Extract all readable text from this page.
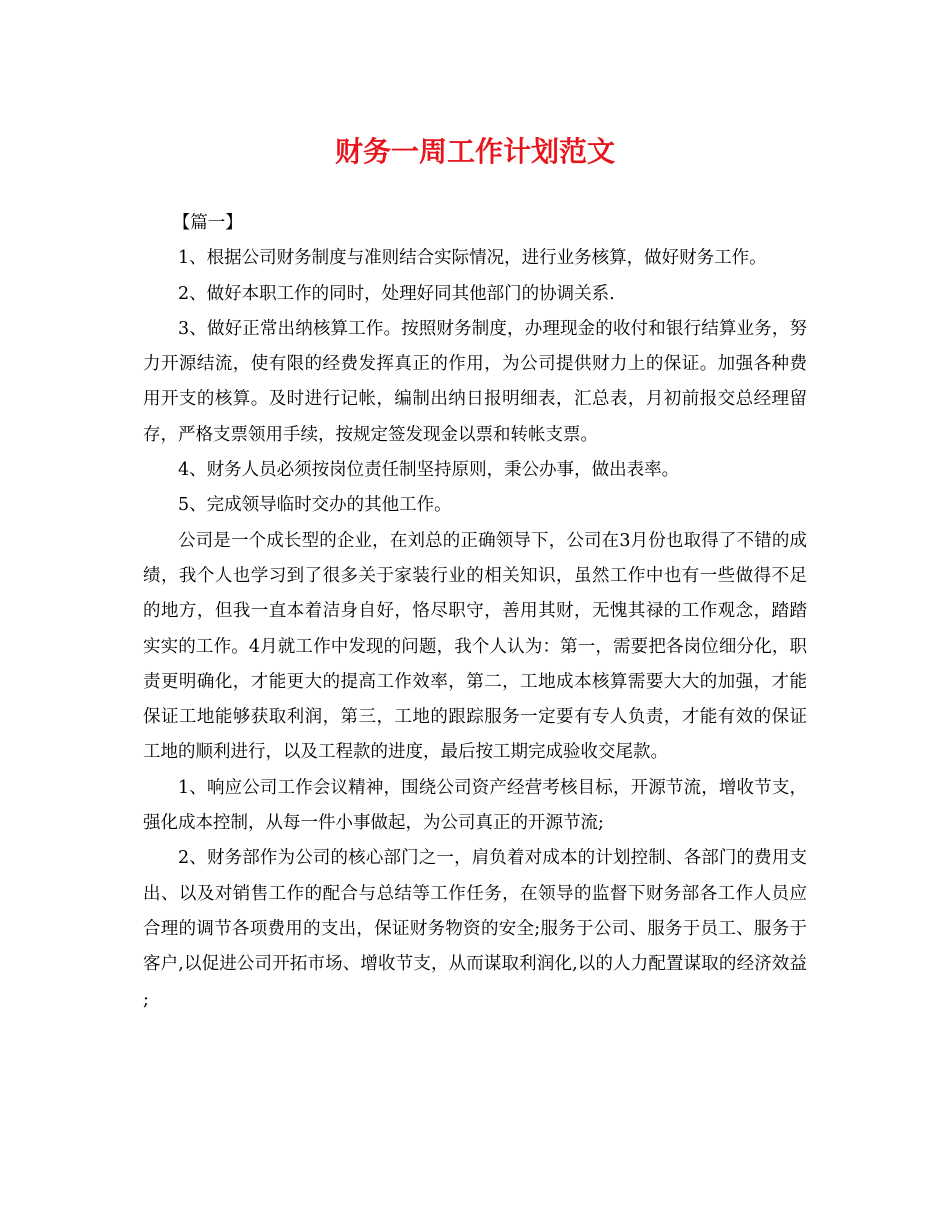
财务一周工作计划范文

【篇一】

1、根据公司财务制度与准则结合实际情况，进行业务核算，做好财务工作。

2、做好本职工作的同时，处理好同其他部门的协调关系.

3、做好正常出纳核算工作。按照财务制度，办理现金的收付和银行结算业务，努力开源结流，使有限的经费发挥真正的作用，为公司提供财力上的保证。加强各种费用开支的核算。及时进行记帐，编制出纳日报明细表，汇总表，月初前报交总经理留存，严格支票领用手续，按规定签发现金以票和转帐支票。

4、财务人员必须按岗位责任制坚持原则，秉公办事，做出表率。

5、完成领导临时交办的其他工作。

公司是一个成长型的企业，在刘总的正确领导下，公司在3月份也取得了不错的成绩，我个人也学习到了很多关于家装行业的相关知识，虽然工作中也有一些做得不足的地方，但我一直本着洁身自好，恪尽职守，善用其财，无愧其禄的工作观念，踏踏实实的工作。4月就工作中发现的问题，我个人认为：第一，需要把各岗位细分化，职责更明确化，才能更大的提高工作效率，第二，工地成本核算需要大大的加强，才能保证工地能够获取利润，第三，工地的跟踪服务一定要有专人负责，才能有效的保证工地的顺利进行，以及工程款的进度，最后按工期完成验收交尾款。

1、响应公司工作会议精神，围绕公司资产经营考核目标，开源节流，增收节支，强化成本控制，从每一件小事做起，为公司真正的开源节流;

2、财务部作为公司的核心部门之一，肩负着对成本的计划控制、各部门的费用支出、以及对销售工作的配合与总结等工作任务，在领导的监督下财务部各工作人员应合理的调节各项费用的支出，保证财务物资的安全;服务于公司、服务于员工、服务于客户,以促进公司开拓市场、增收节支，从而谋取利润化,以的人力配置谋取的经济效益;
